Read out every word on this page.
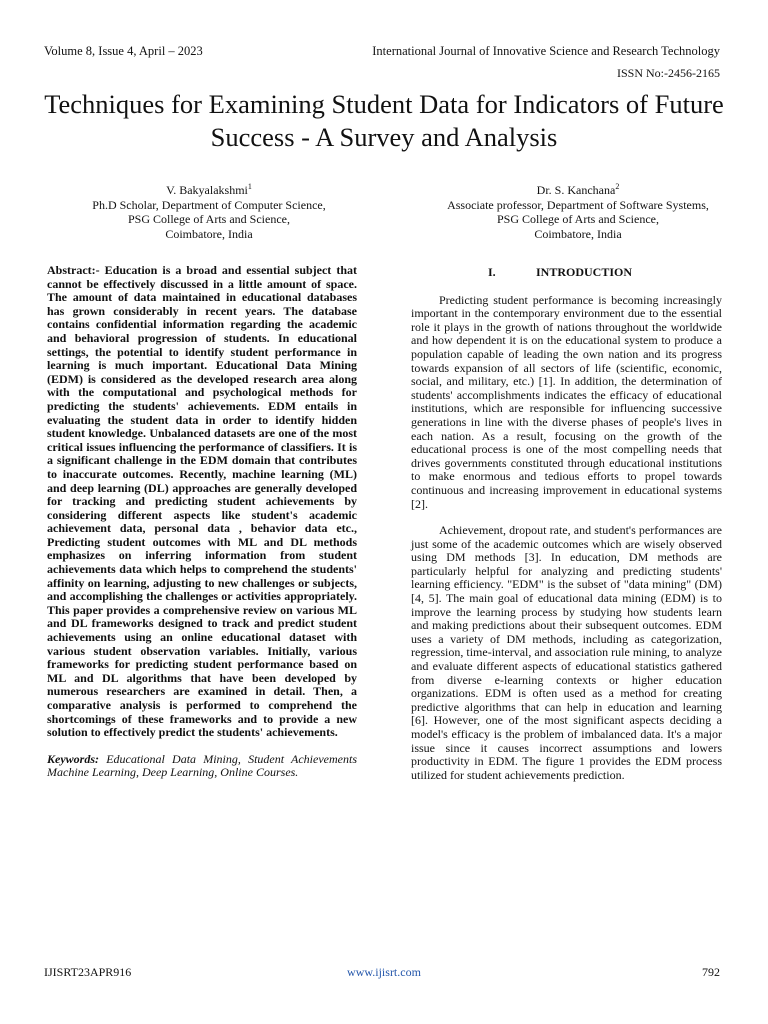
Volume 8, Issue 4, April – 2023	International Journal of Innovative Science and Research Technology
ISSN No:-2456-2165
Techniques for Examining Student Data for Indicators of Future Success - A Survey and Analysis
V. Bakyalakshmi$^1$
Ph.D Scholar, Department of Computer Science,
PSG College of Arts and Science,
Coimbatore, India
Dr. S. Kanchana$^2$
Associate professor, Department of Software Systems,
PSG College of Arts and Science,
Coimbatore, India

Abstract:- Education is a broad and essential subject that cannot be effectively discussed in a little amount of space. The amount of data maintained in educational databases has grown considerably in recent years. The database contains confidential information regarding the academic and behavioral progression of students. In educational settings, the potential to identify student performance in learning is much important. Educational Data Mining (EDM) is considered as the developed research area along with the computational and psychological methods for predicting the students' achievements. EDM entails in evaluating the student data in order to identify hidden student knowledge. Unbalanced datasets are one of the most critical issues influencing the performance of classifiers. It is a significant challenge in the EDM domain that contributes to inaccurate outcomes. Recently, machine learning (ML) and deep learning (DL) approaches are generally developed for tracking and predicting student achievements by considering different aspects like student's academic achievement data, personal data , behavior data etc., Predicting student outcomes with ML and DL methods emphasizes on inferring information from student achievements data which helps to comprehend the students' affinity on learning, adjusting to new challenges or subjects, and accomplishing the challenges or activities appropriately. This paper provides a comprehensive review on various ML and DL frameworks designed to track and predict student achievements using an online educational dataset with various student observation variables. Initially, various frameworks for predicting student performance based on ML and DL algorithms that have been developed by numerous researchers are examined in detail. Then, a comparative analysis is performed to comprehend the shortcomings of these frameworks and to provide a new solution to effectively predict the students' achievements.

Keywords: Educational Data Mining, Student Achievements Machine Learning, Deep Learning, Online Courses.

I.	INTRODUCTION

Predicting student performance is becoming increasingly important in the contemporary environment due to the essential role it plays in the growth of nations throughout the worldwide and how dependent it is on the educational system to produce a population capable of leading the own nation and its progress towards expansion of all sectors of life (scientific, economic, social, and military, etc.) [1]. In addition, the determination of students' accomplishments indicates the efficacy of educational institutions, which are responsible for influencing successive generations in line with the diverse phases of people's lives in each nation. As a result, focusing on the growth of the educational process is one of the most compelling needs that drives governments constituted through educational institutions to make enormous and tedious efforts to propel towards continuous and increasing improvement in educational systems [2].

Achievement, dropout rate, and student's performances are just some of the academic outcomes which are wisely observed using DM methods [3]. In education, DM methods are particularly helpful for analyzing and predicting students' learning efficiency. "EDM" is the subset of "data mining" (DM) [4, 5]. The main goal of educational data mining (EDM) is to improve the learning process by studying how students learn and making predictions about their subsequent outcomes. EDM uses a variety of DM methods, including as categorization, regression, time-interval, and association rule mining, to analyze and evaluate different aspects of educational statistics gathered from diverse e-learning contexts or higher education organizations. EDM is often used as a method for creating predictive algorithms that can help in education and learning [6]. However, one of the most significant aspects deciding a model's efficacy is the problem of imbalanced data. It's a major issue since it causes incorrect assumptions and lowers productivity in EDM. The figure 1 provides the EDM process utilized for student achievements prediction.

IJISRT23APR916	www.ijisrt.com	792
